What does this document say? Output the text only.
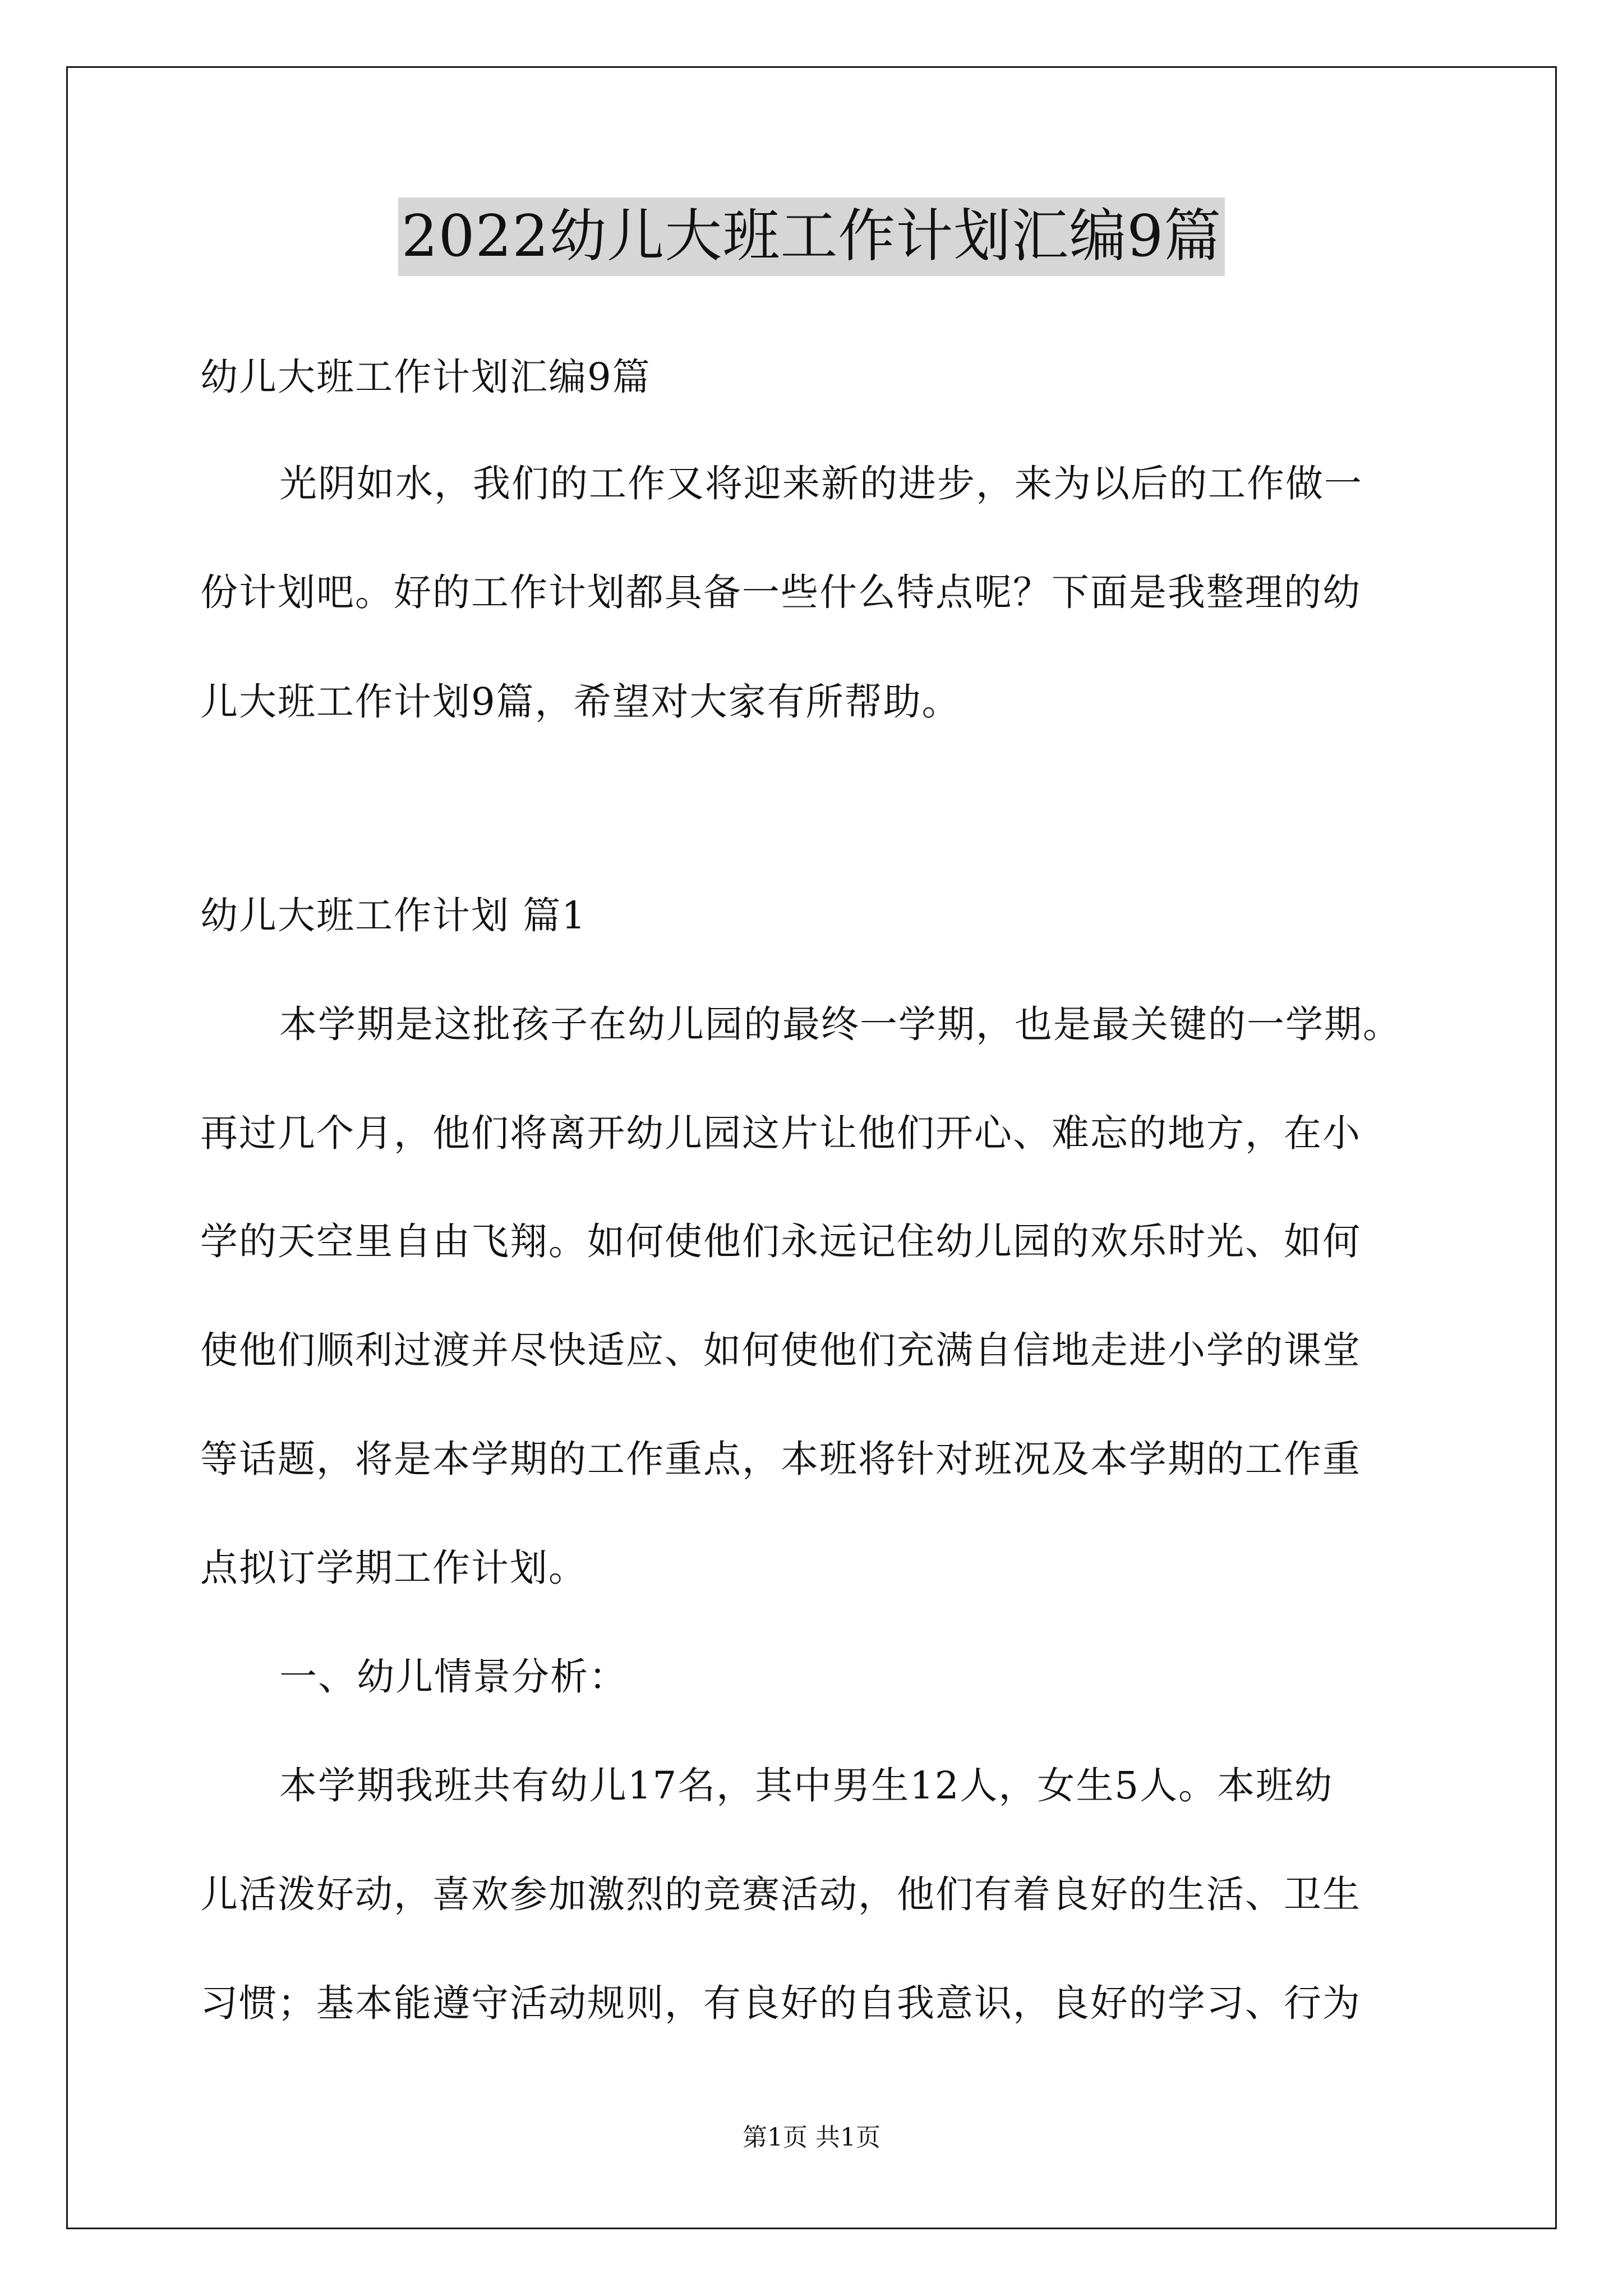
2022幼儿大班工作计划汇编9篇
幼儿大班工作计划汇编9篇
光阴如水，我们的工作又将迎来新的进步，来为以后的工作做一
份计划吧。好的工作计划都具备一些什么特点呢？下面是我整理的幼
儿大班工作计划9篇，希望对大家有所帮助。
幼儿大班工作计划 篇1
本学期是这批孩子在幼儿园的最终一学期，也是最关键的一学期。
再过几个月，他们将离开幼儿园这片让他们开心、难忘的地方，在小
学的天空里自由飞翔。如何使他们永远记住幼儿园的欢乐时光、如何
使他们顺利过渡并尽快适应、如何使他们充满自信地走进小学的课堂
等话题，将是本学期的工作重点，本班将针对班况及本学期的工作重
点拟订学期工作计划。
一、幼儿情景分析：
本学期我班共有幼儿17名，其中男生12人，女生5人。本班幼
儿活泼好动，喜欢参加激烈的竞赛活动，他们有着良好的生活、卫生
习惯；基本能遵守活动规则，有良好的自我意识，良好的学习、行为
第1页 共1页
